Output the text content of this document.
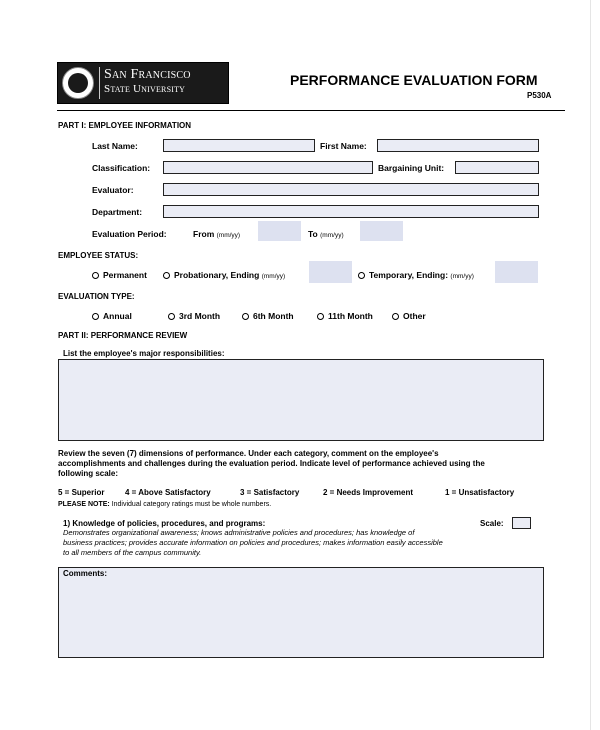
San Francisco
State University
PERFORMANCE EVALUATION FORM
P530A
PART I: EMPLOYEE INFORMATION
Last Name:	First Name:
Classification:	Bargaining Unit:
Evaluator:
Department:
Evaluation Period:	From (mm/yy)	To (mm/yy)
EMPLOYEE STATUS:
Permanent	Probationary, Ending (mm/yy)	Temporary, Ending: (mm/yy)
EVALUATION TYPE:
Annual	3rd Month	6th Month	11th Month	Other
PART II: PERFORMANCE REVIEW
List the employee's major responsibilities:
Review the seven (7) dimensions of performance. Under each category, comment on the employee's
accomplishments and challenges during the evaluation period. Indicate level of performance achieved using the
following scale:
5 = Superior	4 = Above Satisfactory	3 = Satisfactory	2 = Needs Improvement	1 = Unsatisfactory
PLEASE NOTE: Individual category ratings must be whole numbers.
1) Knowledge of policies, procedures, and programs:	Scale:
Demonstrates organizational awareness; knows administrative policies and procedures; has knowledge of
business practices; provides accurate information on policies and procedures; makes information easily accessible
to all members of the campus community.
Comments:
